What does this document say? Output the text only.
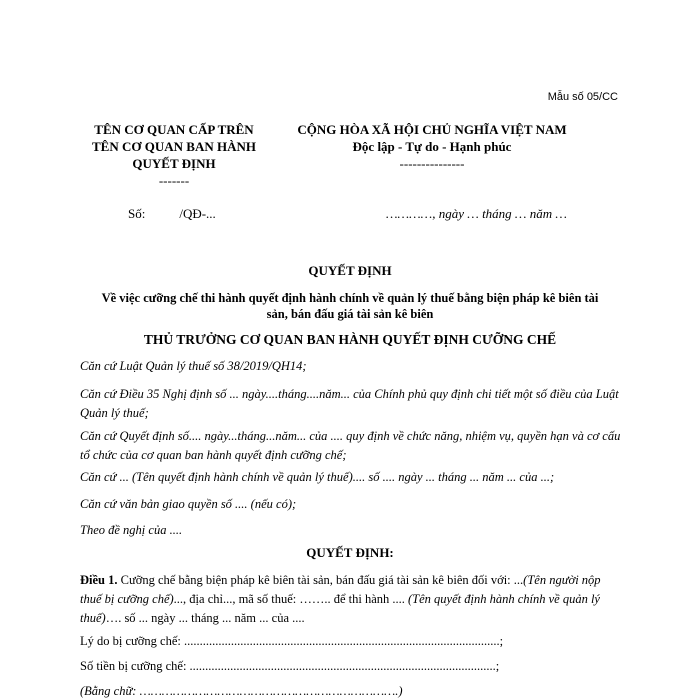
Mẫu số 05/CC
TÊN CƠ QUAN CẤP TRÊN
TÊN CƠ QUAN BAN HÀNH QUYẾT ĐỊNH
-------
CỘNG HÒA XÃ HỘI CHỦ NGHĨA VIỆT NAM
Độc lập - Tự do - Hạnh phúc
---------------
Số:	/QĐ-...	…………, ngày … tháng … năm …
QUYẾT ĐỊNH
Về việc cưỡng chế thi hành quyết định hành chính về quản lý thuế bằng biện pháp kê biên tài sản, bán đấu giá tài sản kê biên
THỦ TRƯỞNG CƠ QUAN BAN HÀNH QUYẾT ĐỊNH CƯỠNG CHẾ
Căn cứ Luật Quản lý thuế số 38/2019/QH14;
Căn cứ Điều 35 Nghị định số ... ngày....tháng....năm... của Chính phủ quy định chi tiết một số điều của Luật Quản lý thuế;
Căn cứ Quyết định số.... ngày...tháng...năm... của .... quy định về chức năng, nhiệm vụ, quyền hạn và cơ cấu tổ chức của cơ quan ban hành quyết định cưỡng chế;
Căn cứ ... (Tên quyết định hành chính về quản lý thuế).... số .... ngày ... tháng ... năm ... của ...;
Căn cứ văn bản giao quyền số .... (nếu có);
Theo đề nghị của ....
QUYẾT ĐỊNH:
Điều 1. Cưỡng chế bằng biện pháp kê biên tài sản, bán đấu giá tài sản kê biên đối với: ...(Tên người nộp thuế bị cưỡng chế)..., địa chỉ..., mã số thuế: …….. để thi hành .... (Tên quyết định hành chính về quản lý thuế)…. số ... ngày ... tháng ... năm ... của ....
Lý do bị cưỡng chế: .....................................................................................................;
Số tiền bị cưỡng chế: ..................................................................................................;
(Bằng chữ: …………………………………………………………….)
